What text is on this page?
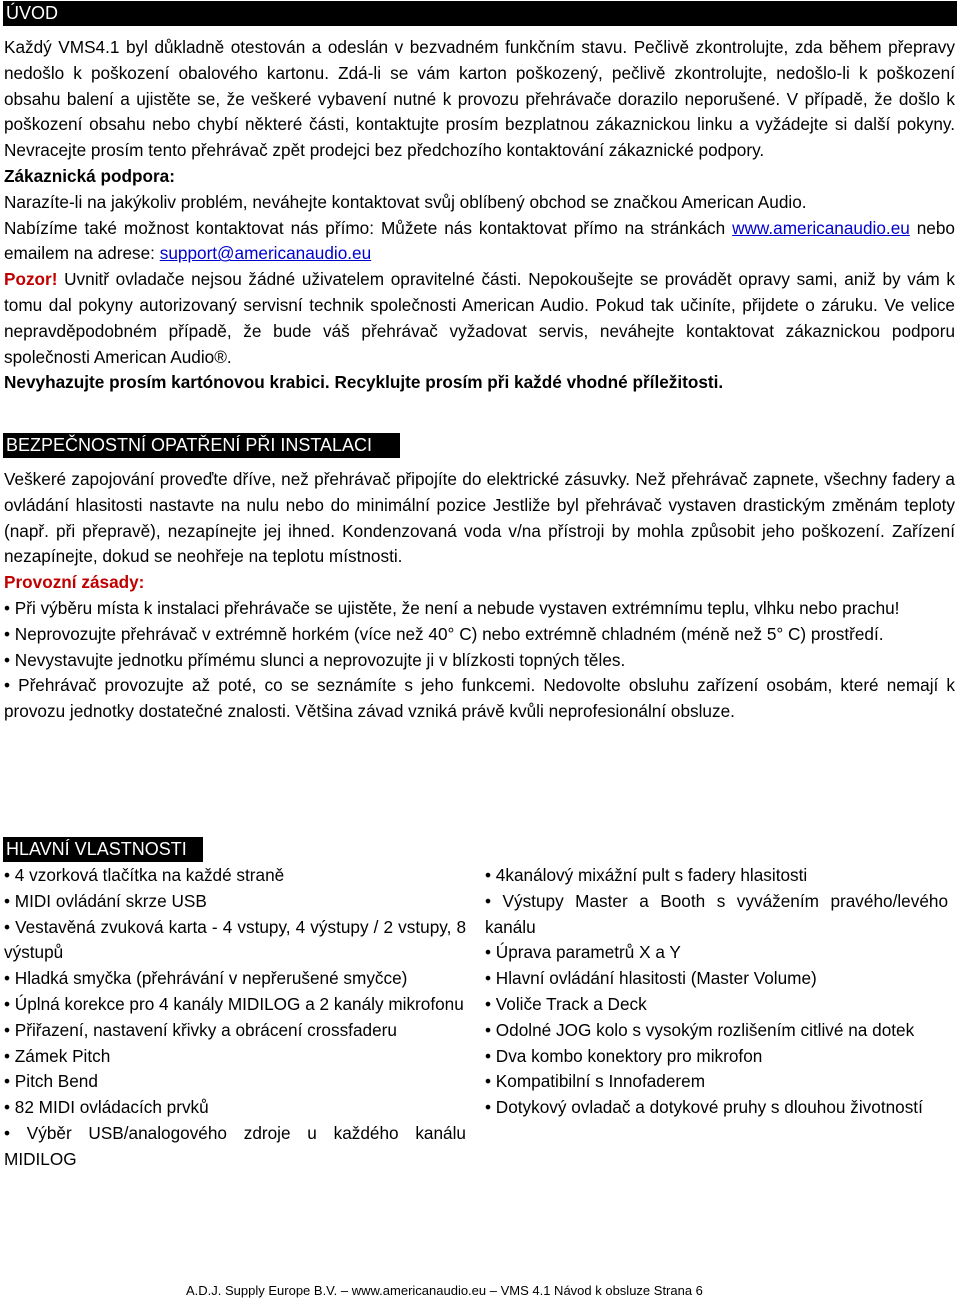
ÚVOD

Každý VMS4.1 byl důkladně otestován a odeslán v bezvadném funkčním stavu. Pečlivě zkontrolujte, zda během přepravy nedošlo k poškození obalového kartonu. Zdá-li se vám karton poškozený, pečlivě zkontrolujte, nedošlo-li k poškození obsahu balení a ujistěte se, že veškeré vybavení nutné k provozu přehrávače dorazilo neporušené. V případě, že došlo k poškození obsahu nebo chybí některé části, kontaktujte prosím bezplatnou zákaznickou linku a vyžádejte si další pokyny. Nevracejte prosím tento přehrávač zpět prodejci bez předchozího kontaktování zákaznické podpory.

Zákaznická podpora:

Narazíte-li na jakýkoliv problém, neváhejte kontaktovat svůj oblíbený obchod se značkou American Audio.

Nabízíme také možnost kontaktovat nás přímo: Můžete nás kontaktovat přímo na stránkách www.americanaudio.eu nebo emailem na adrese: support@americanaudio.eu

Pozor! Uvnitř ovladače nejsou žádné uživatelem opravitelné části. Nepokoušejte se provádět opravy sami, aniž by vám k tomu dal pokyny autorizovaný servisní technik společnosti American Audio. Pokud tak učiníte, přijdete o záruku. Ve velice nepravděpodobném případě, že bude váš přehrávač vyžadovat servis, neváhejte kontaktovat zákaznickou podporu společnosti American Audio®.

Nevyhazujte prosím kartónovou krabici. Recyklujte prosím při každé vhodné příležitosti.

BEZPEČNOSTNÍ OPATŘENÍ PŘI INSTALACI

Veškeré zapojování proveďte dříve, než přehrávač připojíte do elektrické zásuvky. Než přehrávač zapnete, všechny fadery a ovládání hlasitosti nastavte na nulu nebo do minimální pozice Jestliže byl přehrávač vystaven drastickým změnám teploty (např. při přepravě), nezapínejte jej ihned. Kondenzovaná voda v/na přístroji by mohla způsobit jeho poškození. Zařízení nezapínejte, dokud se neohřeje na teplotu místnosti.

Provozní zásady:

• Při výběru místa k instalaci přehrávače se ujistěte, že není a nebude vystaven extrémnímu teplu, vlhku nebo prachu!

• Neprovozujte přehrávač v extrémně horkém (více než 40° C) nebo extrémně chladném (méně než 5° C) prostředí.

• Nevystavujte jednotku přímému slunci a neprovozujte ji v blízkosti topných těles.

• Přehrávač provozujte až poté, co se seznámíte s jeho funkcemi. Nedovolte obsluhu zařízení osobám, které nemají k provozu jednotky dostatečné znalosti. Většina závad vzniká právě kvůli neprofesionální obsluze.

HLAVNÍ VLASTNOSTI

• 4 vzorková tlačítka na každé straně

• MIDI ovládání skrze USB

• Vestavěná zvuková karta - 4 vstupy, 4 výstupy / 2 vstupy, 8 výstupů

• Hladká smyčka (přehrávání v nepřerušené smyčce)

• Úplná korekce pro 4 kanály MIDILOG a 2 kanály mikrofonu

• Přiřazení, nastavení křivky a obrácení crossfaderu

• Zámek Pitch

• Pitch Bend

• 82 MIDI ovládacích prvků

• Výběr USB/analogového zdroje u každého kanálu MIDILOG

• 4kanálový mixážní pult s fadery hlasitosti

• Výstupy Master a Booth s vyvážením pravého/levého kanálu

• Úprava parametrů X a Y

• Hlavní ovládání hlasitosti (Master Volume)

• Voliče Track a Deck

• Odolné JOG kolo s vysokým rozlišením citlivé na dotek

• Dva kombo konektory pro mikrofon

• Kompatibilní s Innofaderem

• Dotykový ovladač a dotykové pruhy s dlouhou životností

A.D.J. Supply Europe B.V. – www.americanaudio.eu – VMS 4.1 Návod k obsluze Strana 6
